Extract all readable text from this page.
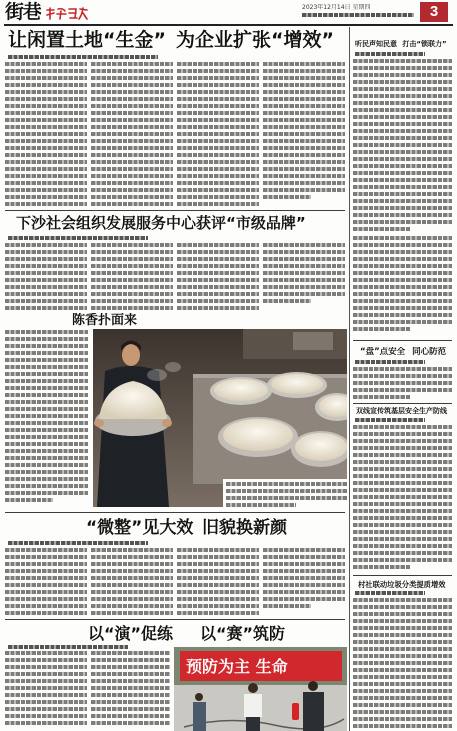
街巷	2023年12月14日 星期四	3
让闲置土地“生金” 为企业扩张“增效”
下沙社会组织发展服务中心获评“市级品牌”
陈香扑面来
“微整”见大效 旧貌换新颜
以“演”促练	以“赛”筑防
预防为主 生命
听民声知民意 打击“锁联力”
“盘”点安全 同心防范
双线宣传筑基层安全生产防线
村社联动垃圾分类提质增效
